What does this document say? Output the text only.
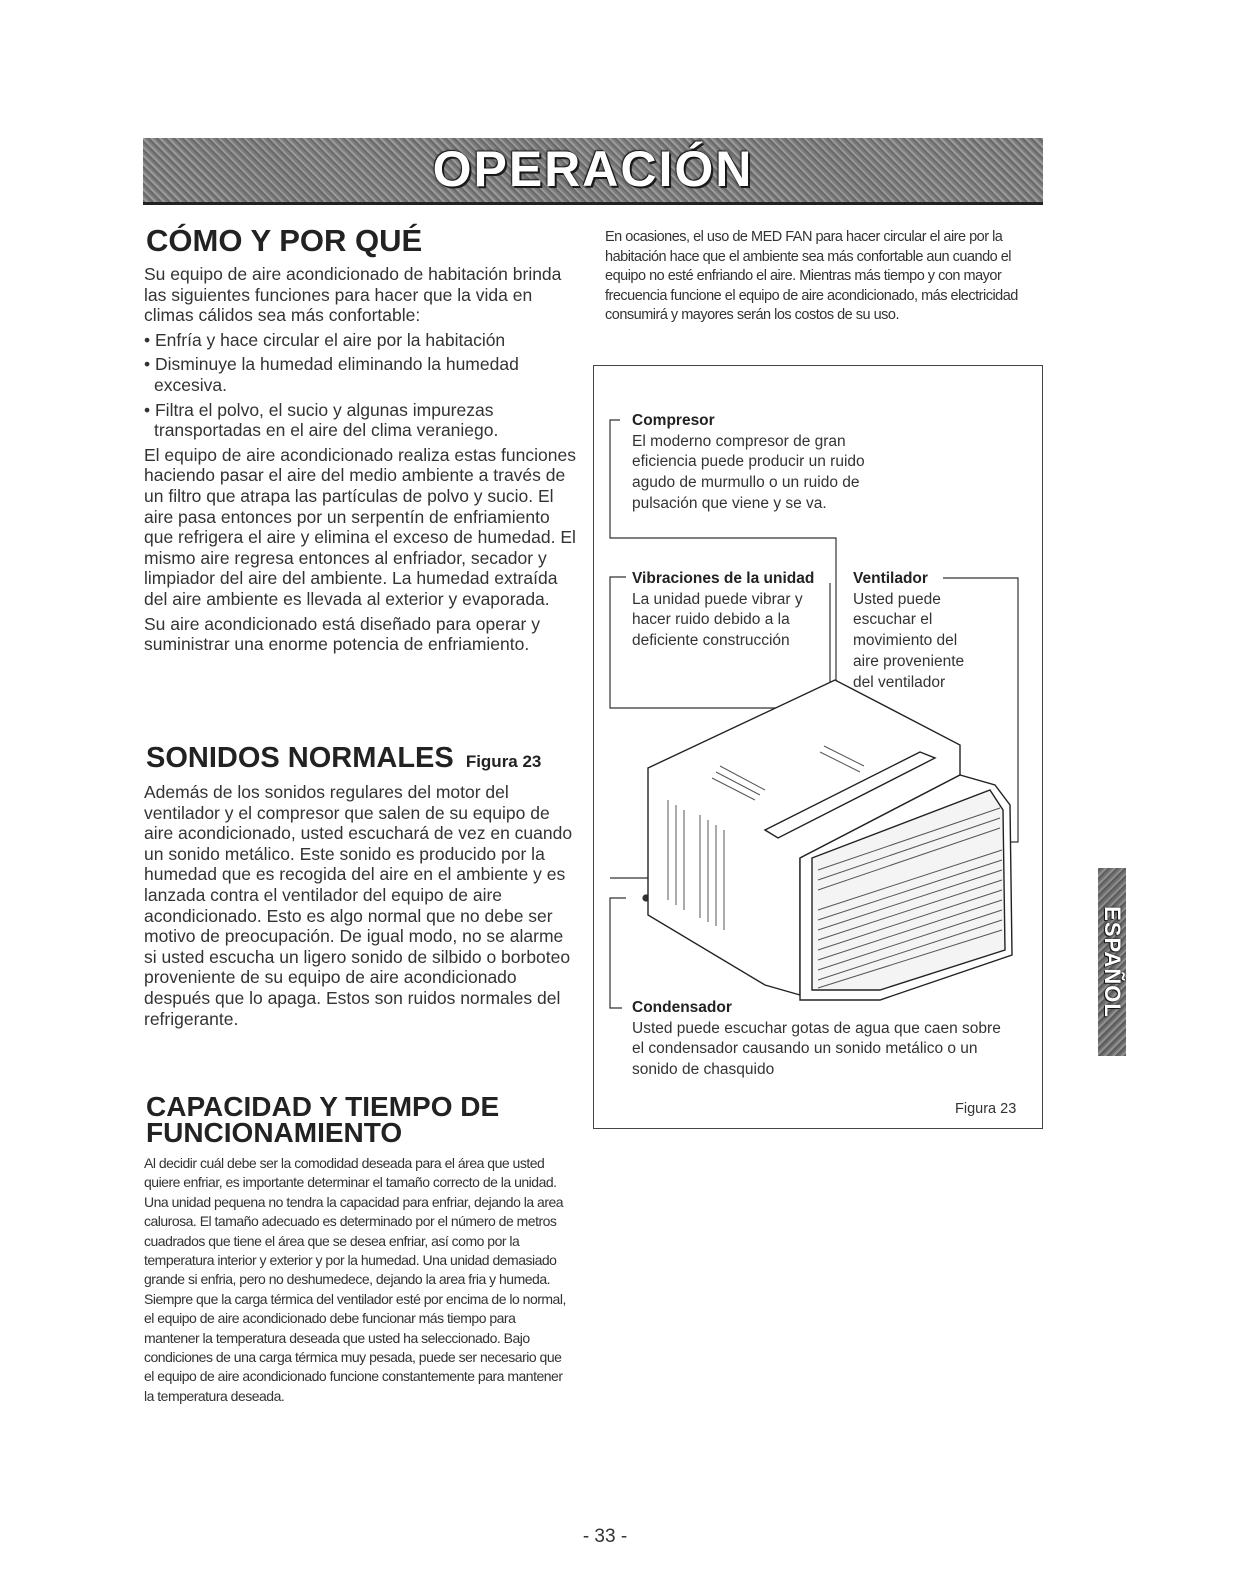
OPERACIÓN
CÓMO Y POR QUÉ

Su equipo de aire acondicionado de habitación brinda las siguientes funciones para hacer que la vida en climas cálidos sea más confortable:

• Enfría y hace circular el aire por la habitación

• Disminuye la humedad eliminando la humedad excesiva.

• Filtra el polvo, el sucio y algunas impurezas transportadas en el aire del clima veraniego.

El equipo de aire acondicionado realiza estas funciones haciendo pasar el aire del medio ambiente a través de un filtro que atrapa las partículas de polvo y sucio. El aire pasa entonces por un serpentín de enfriamiento que refrigera el aire y elimina el exceso de humedad. El mismo aire regresa entonces al enfriador, secador y limpiador del aire del ambiente. La humedad extraída del aire ambiente es llevada al exterior y evaporada.

Su aire acondicionado está diseñado para operar y suministrar una enorme potencia de enfriamiento.

SONIDOS NORMALES Figura 23

Además de los sonidos regulares del motor del ventilador y el compresor que salen de su equipo de aire acondicionado, usted escuchará de vez en cuando un sonido metálico. Este sonido es producido por la humedad que es recogida del aire en el ambiente y es lanzada contra el ventilador del equipo de aire acondicionado. Esto es algo normal que no debe ser motivo de preocupación. De igual modo, no se alarme si usted escucha un ligero sonido de silbido o borboteo proveniente de su equipo de aire acondicionado después que lo apaga. Estos son ruidos normales del refrigerante.

CAPACIDAD Y TIEMPO DE
FUNCIONAMIENTO
Al decidir cuál debe ser la comodidad deseada para el área que usted quiere enfriar, es importante determinar el tamaño correcto de la unidad. Una unidad pequena no tendra la capacidad para enfriar, dejando la area calurosa. El tamaño adecuado es determinado por el número de metros cuadrados que tiene el área que se desea enfriar, así como por la temperatura interior y exterior y por la humedad. Una unidad demasiado grande si enfria, pero no deshumedece, dejando la area fria y humeda. Siempre que la carga térmica del ventilador esté por encima de lo normal, el equipo de aire acondicionado debe funcionar más tiempo para mantener la temperatura deseada que usted ha seleccionado. Bajo condiciones de una carga térmica muy pesada, puede ser necesario que el equipo de aire acondicionado funcione constantemente para mantener la temperatura deseada.
En ocasiones, el uso de MED FAN para hacer circular el aire por la habitación hace que el ambiente sea más confortable aun cuando el equipo no esté enfriando el aire. Mientras más tiempo y con mayor frecuencia funcione el equipo de aire acondicionado, más electricidad consumirá y mayores serán los costos de su uso.
Compresor
El moderno compresor de gran eficiencia puede producir un ruido agudo de murmullo o un ruido de pulsación que viene y se va.
Vibraciones de la unidad
La unidad puede vibrar y hacer ruido debido a la deficiente construcción
Ventilador
Usted puede escuchar el movimiento del aire proveniente del ventilador
Condensador
Usted puede escuchar gotas de agua que caen sobre el condensador causando un sonido metálico o un sonido de chasquido
Figura 23
ESPAÑOL
- 33 -
